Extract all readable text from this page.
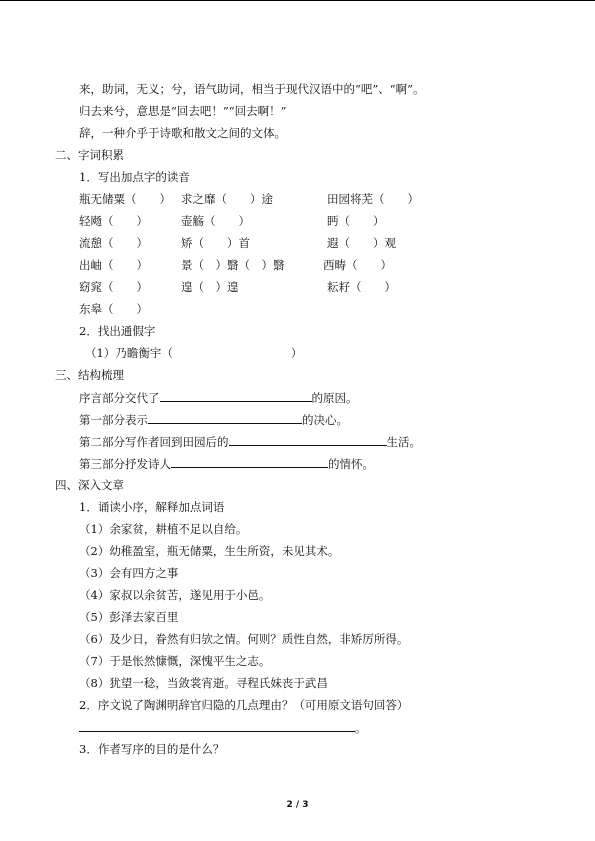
来，助词，无义；兮，语气助词，相当于现代汉语中的“吧”、“啊”。
归去来兮，意思是“回去吧！”“回去啊！”
辞，一种介乎于诗歌和散文之间的文体。
二、字词积累
1．写出加点字的读音
瓶无储粟（　　） 求之靡（　　）途	田园将芜（　　）
轻飏（　　）	壶觞（　　）	眄（　　）
流憩（　　）	矫（　　）首	遐（　　）观
出岫（　　）	景（　）翳（　）翳	西畴（　　）
窈窕（　　）	遑（　）遑	耘耔（　　）
东皋（　　）
2．找出通假字
（1）乃瞻衡宇（	）
三、结构梳理
序言部分交代了	的原因。
第一部分表示	的决心。
第二部分写作者回到田园后的	生活。
第三部分抒发诗人	的情怀。
四、深入文章
1．诵读小序，解释加点词语
（1）余家贫，耕植不足以自给。
（2）幼稚盈室，瓶无储粟，生生所资，未见其术。
（3）会有四方之事
（4）家叔以余贫苦，遂见用于小邑。
（5）彭泽去家百里
（6）及少日，眷然有归欤之情。何则？质性自然，非矫厉所得。
（7）于是怅然慷慨，深愧平生之志。
（8）犹望一稔，当敛裳宵逝。寻程氏妹丧于武昌
2．序文说了陶渊明辞官归隐的几点理由？（可用原文语句回答）
。
3．作者写序的目的是什么？
2 / 3
